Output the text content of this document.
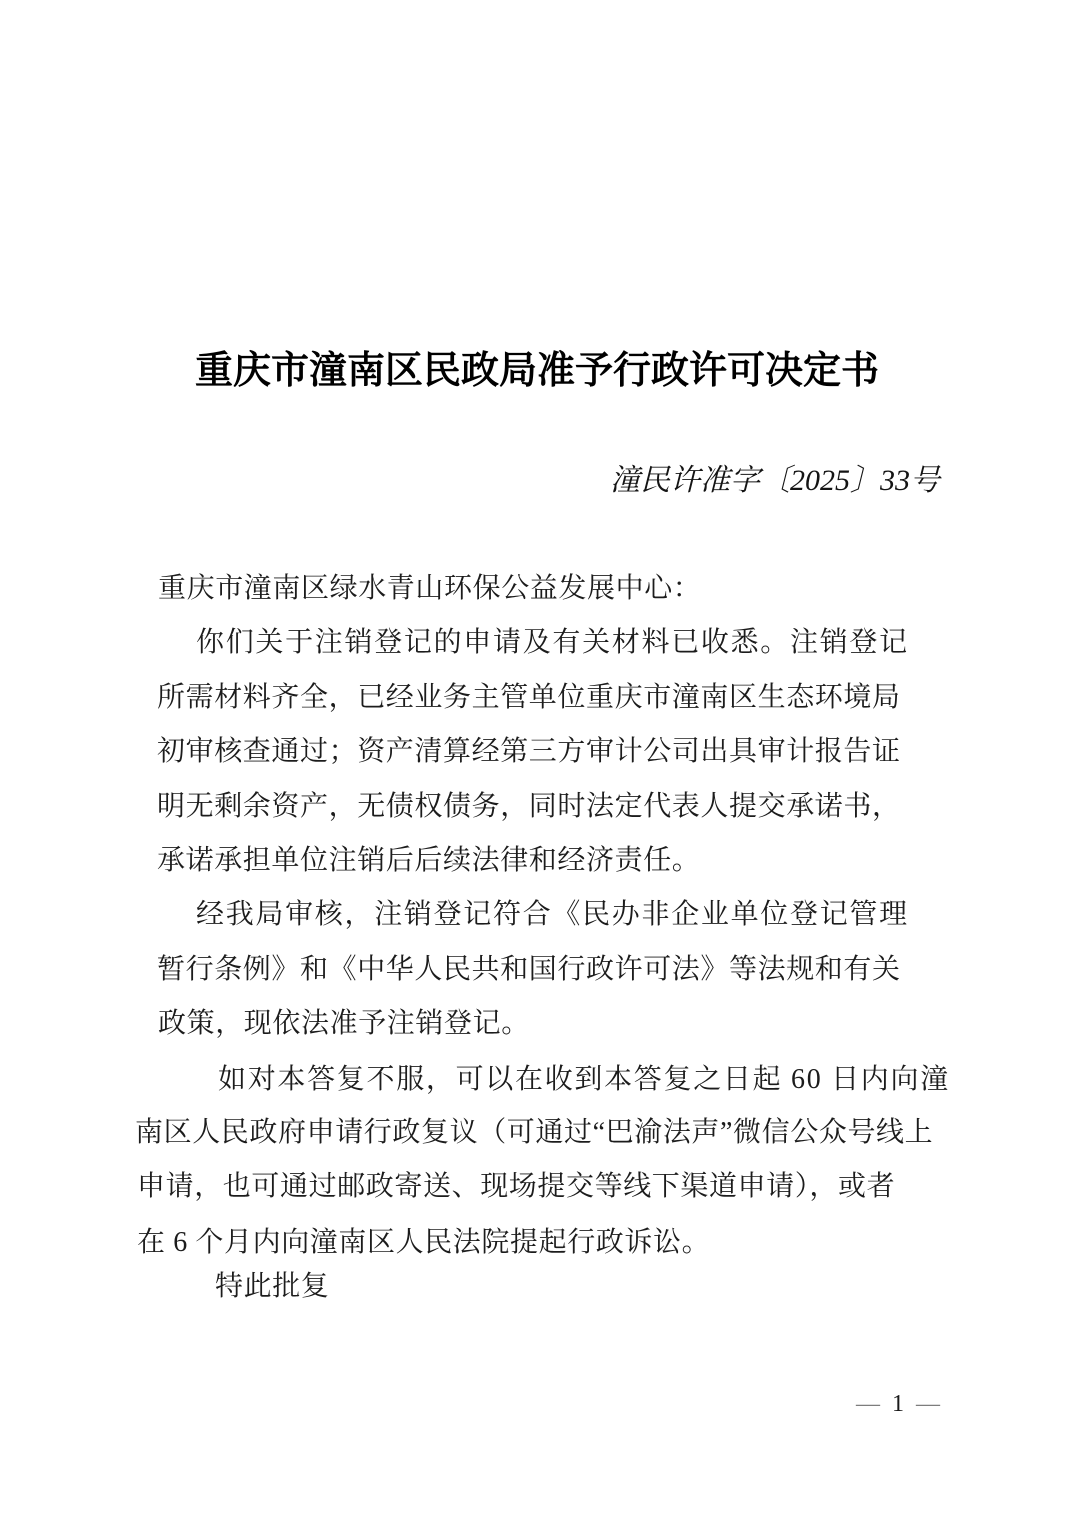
重庆市潼南区民政局准予行政许可决定书
潼民许准字〔2025〕33号
重庆市潼南区绿水青山环保公益发展中心：
你们关于注销登记的申请及有关材料已收悉。注销登记
所需材料齐全，已经业务主管单位重庆市潼南区生态环境局
初审核查通过；资产清算经第三方审计公司出具审计报告证
明无剩余资产，无债权债务，同时法定代表人提交承诺书，
承诺承担单位注销后后续法律和经济责任。
经我局审核，注销登记符合《民办非企业单位登记管理
暂行条例》和《中华人民共和国行政许可法》等法规和有关
政策，现依法准予注销登记。
如对本答复不服，可以在收到本答复之日起 60 日内向潼
南区人民政府申请行政复议（可通过“巴渝法声”微信公众号线上
申请，也可通过邮政寄送、现场提交等线下渠道申请），或者
在 6 个月内向潼南区人民法院提起行政诉讼。
特此批复
— 1 —
